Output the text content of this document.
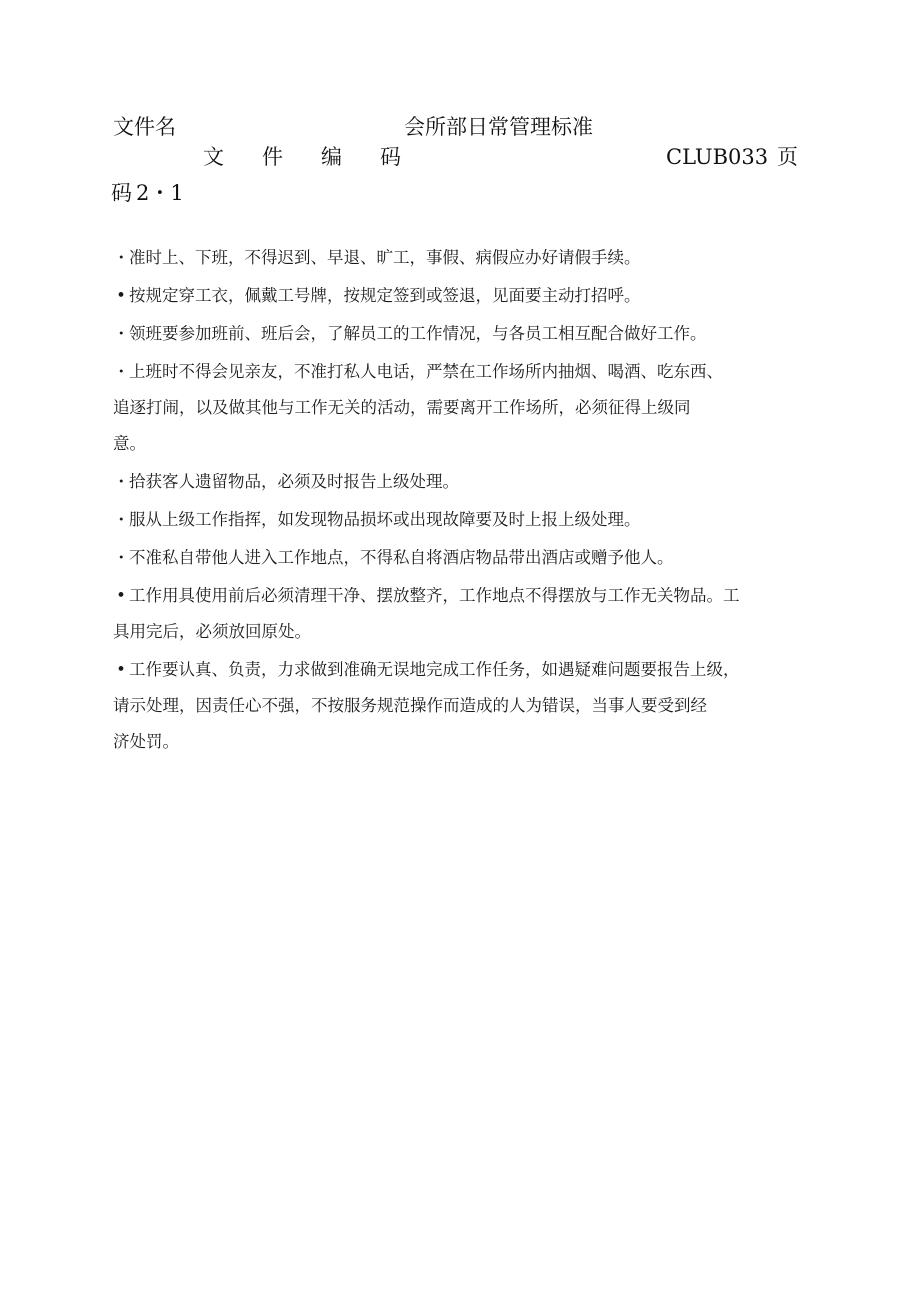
文件名	会所部日常管理标准
文 件 编 码	CLUB033 页
码 2・1
・准时上、下班，不得迟到、早退、旷工，事假、病假应办好请假手续。
• 按规定穿工衣，佩戴工号牌，按规定签到或签退，见面要主动打招呼。
・领班要参加班前、班后会，了解员工的工作情况，与各员工相互配合做好工作。
・上班时不得会见亲友，不准打私人电话，严禁在工作场所内抽烟、喝酒、吃东西、
追逐打闹，以及做其他与工作无关的活动，需要离开工作场所，必须征得上级同
意。
・拾获客人遗留物品，必须及时报告上级处理。
・服从上级工作指挥，如发现物品损坏或出现故障要及时上报上级处理。
・不准私自带他人进入工作地点，不得私自将酒店物品带出酒店或赠予他人。
• 工作用具使用前后必须清理干净、摆放整齐，工作地点不得摆放与工作无关物品。工
具用完后，必须放回原处。
• 工作要认真、负责，力求做到准确无误地完成工作任务，如遇疑难问题要报告上级，
请示处理，因责任心不强，不按服务规范操作而造成的人为错误，当事人要受到经
济处罚。
